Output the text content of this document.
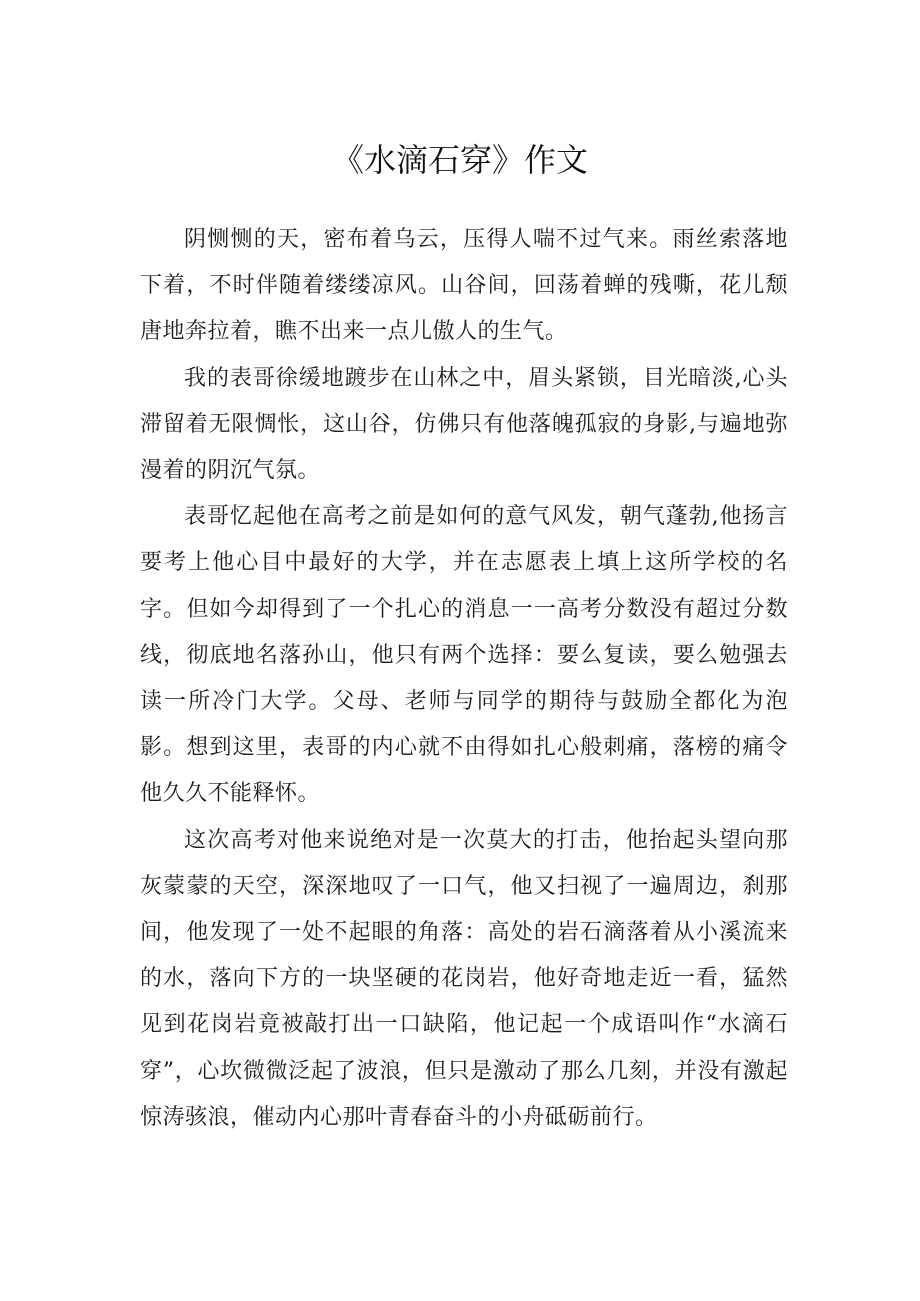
《水滴石穿》作文

阴恻恻的天，密布着乌云，压得人喘不过气来。雨丝索落地下着，不时伴随着缕缕凉风。山谷间，回荡着蝉的残嘶，花儿颓唐地奔拉着，瞧不出来一点儿傲人的生气。

我的表哥徐缓地踱步在山林之中，眉头紧锁，目光暗淡,心头滞留着无限惆怅，这山谷，仿佛只有他落魄孤寂的身影,与遍地弥漫着的阴沉气氛。

表哥忆起他在高考之前是如何的意气风发，朝气蓬勃,他扬言要考上他心目中最好的大学，并在志愿表上填上这所学校的名字。但如今却得到了一个扎心的消息一一高考分数没有超过分数线，彻底地名落孙山，他只有两个选择：要么复读，要么勉强去读一所冷门大学。父母、老师与同学的期待与鼓励全都化为泡影。想到这里，表哥的内心就不由得如扎心般刺痛，落榜的痛令他久久不能释怀。

这次高考对他来说绝对是一次莫大的打击，他抬起头望向那灰蒙蒙的天空，深深地叹了一口气，他又扫视了一遍周边，刹那间，他发现了一处不起眼的角落：高处的岩石滴落着从小溪流来的水，落向下方的一块坚硬的花岗岩，他好奇地走近一看，猛然见到花岗岩竟被敲打出一口缺陷，他记起一个成语叫作“水滴石穿”，心坎微微泛起了波浪，但只是激动了那么几刻，并没有激起惊涛骇浪，催动内心那叶青春奋斗的小舟砥砺前行。
